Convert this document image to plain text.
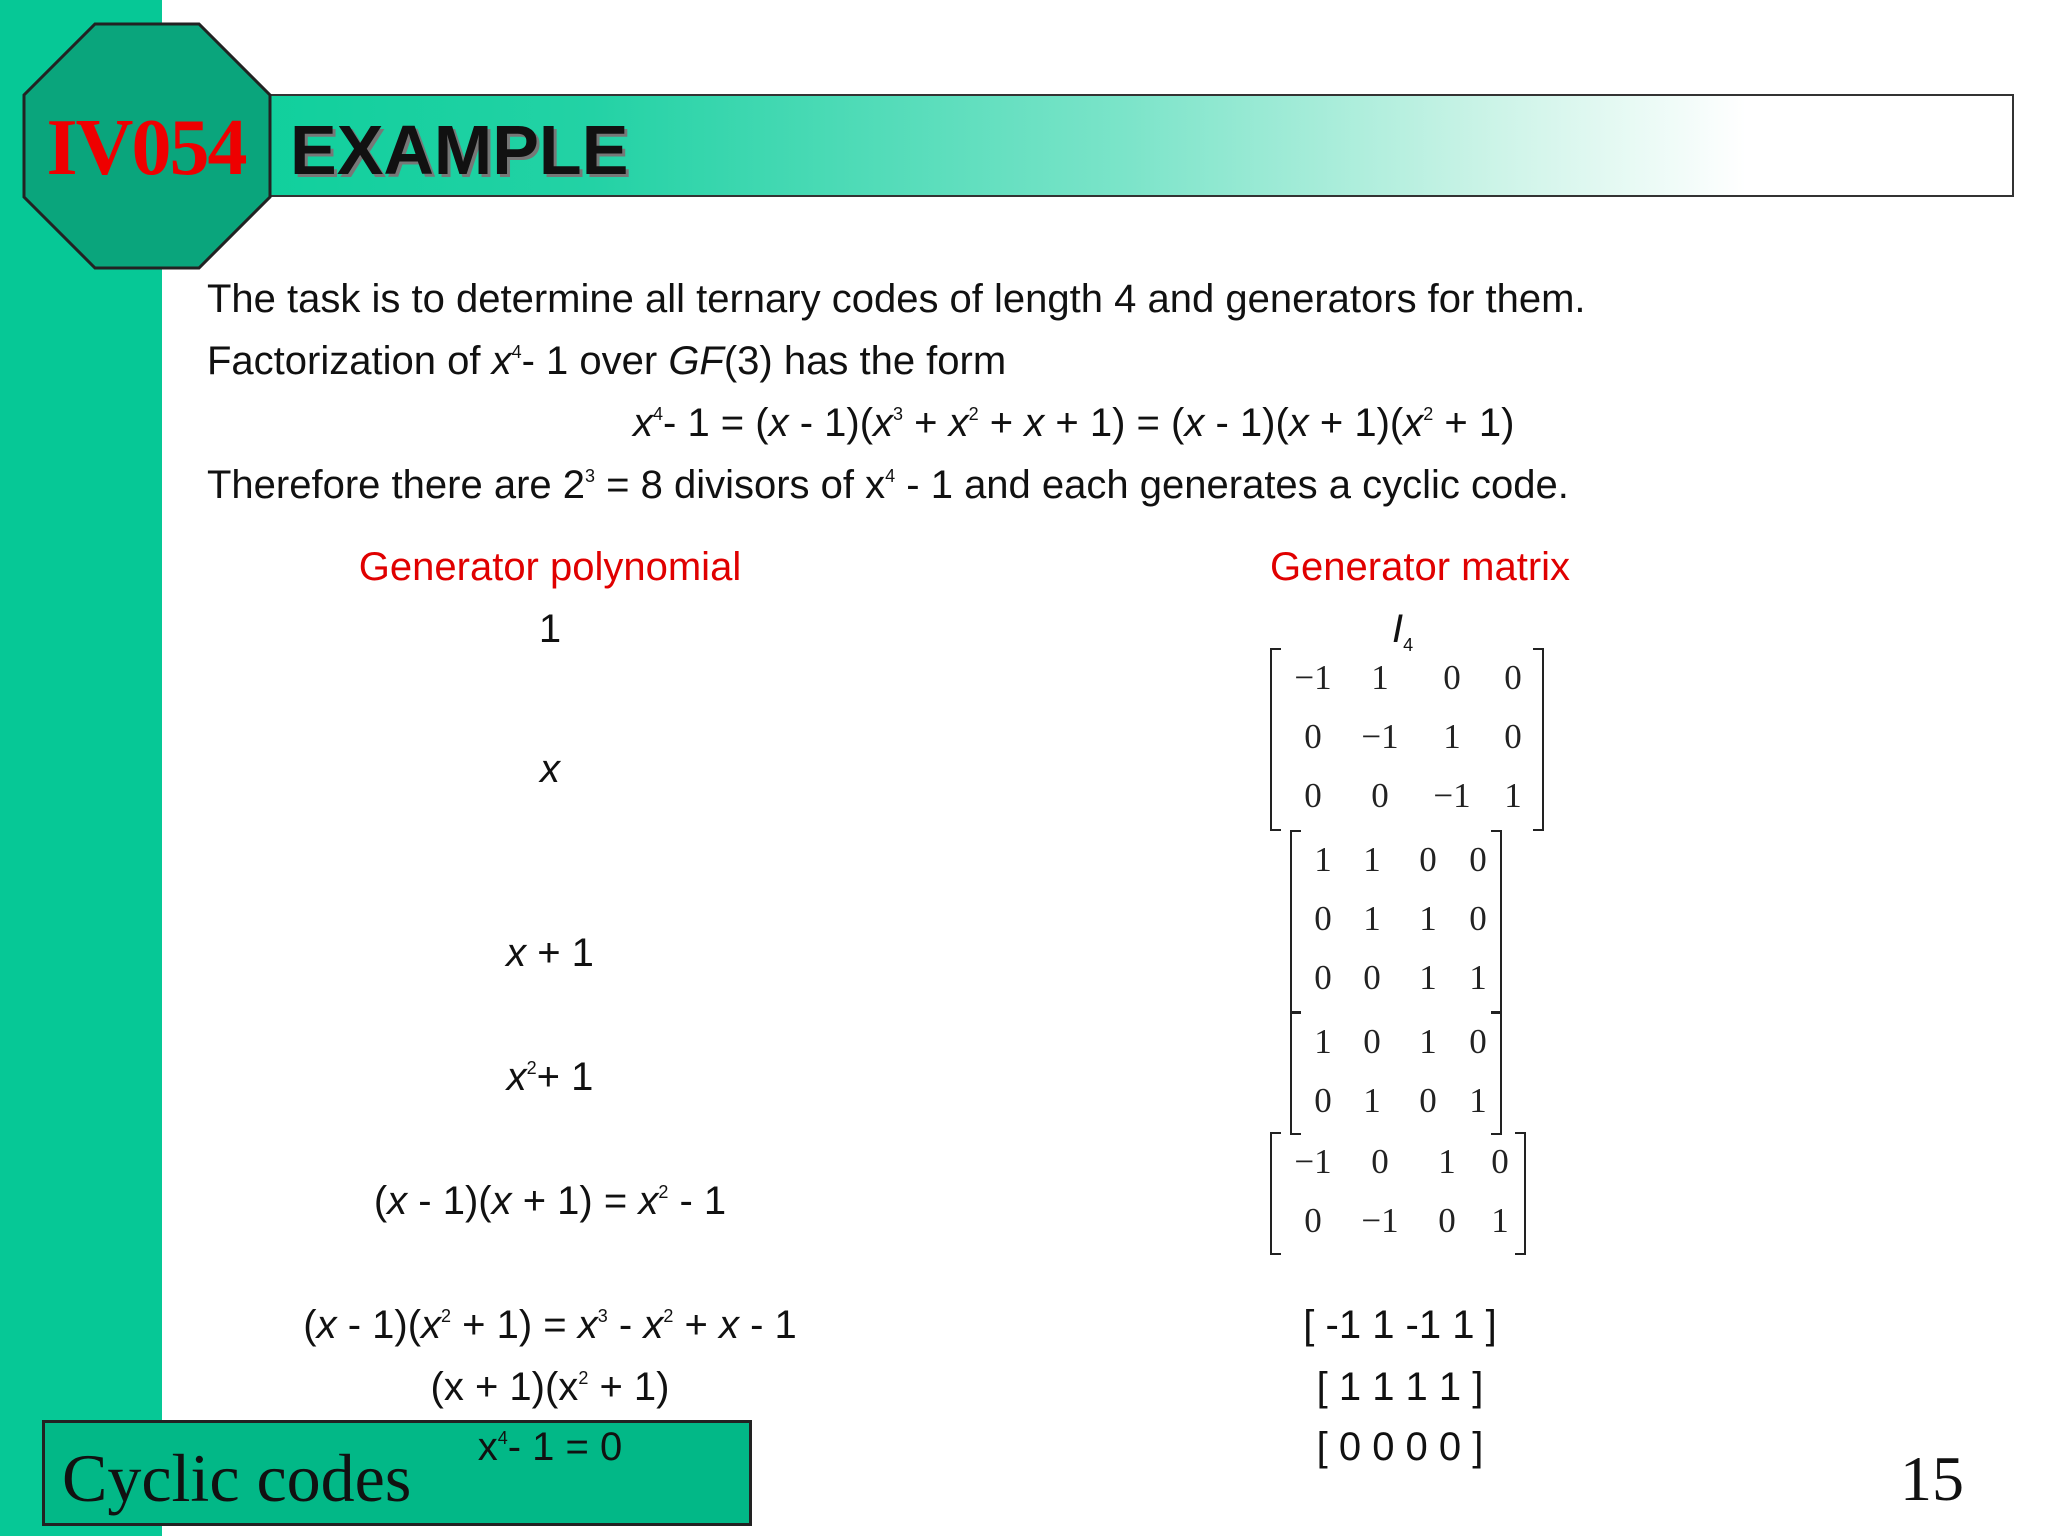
IV054 EXAMPLE
The task is to determine all ternary codes of length 4 and generators for them.
Factorization of $x^4-$ 1 over GF(3) has the form
$x^4-$ $1 = (x - 1)(x^3 + x^2 + x + 1) = (x - 1)(x + 1)(x^2 + 1)$
Therefore there are $2^3 = 8$ divisors of $x^4 - 1$ and each generates a cyclic code.
Generator polynomial	Generator matrix
1	$I_4$
x
−1	1	0	0
0	−1	1	0
0	0	−1	1
x + 1
1	1	0	0
0	1	1	0
0	0	1	1
$x^2+ 1$
1	0	1	0
0	1	0	1
$(x - 1)(x + 1) = x^2 - 1$
−1	0	1	0
0	−1	0	1
$(x - 1)(x^2 + 1) = x^3 - x^2 + x - 1$	[ -1 1 -1 1 ]
$(x + 1)(x^2 + 1)$	[ 1 1 1 1 ]
Cyclic codes	$x^4-$ 1 = 0	[ 0 0 0 0 ]	15
